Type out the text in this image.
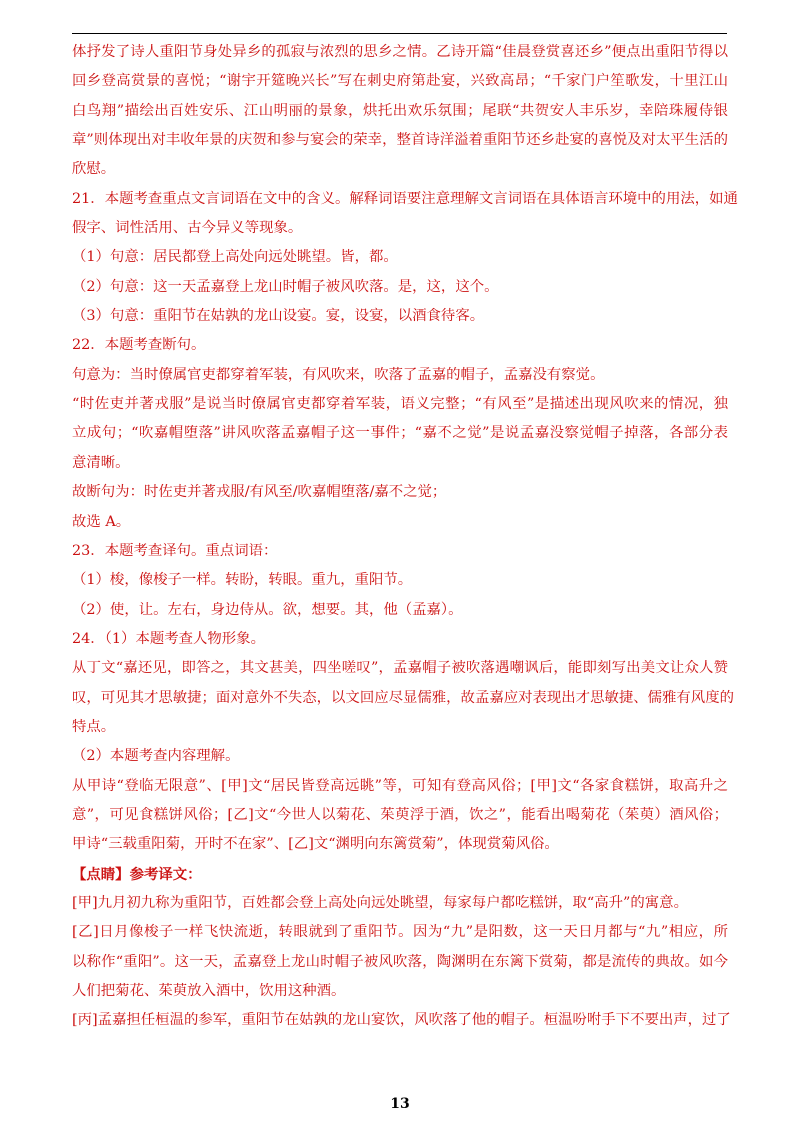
体抒发了诗人重阳节身处异乡的孤寂与浓烈的思乡之情。乙诗开篇“佳晨登赏喜还乡”便点出重阳节得以
回乡登高赏景的喜悦；“谢宇开筵晚兴长”写在刺史府第赴宴，兴致高昂；“千家门户笙歌发，十里江山
白鸟翔”描绘出百姓安乐、江山明丽的景象，烘托出欢乐氛围；尾联“共贺安人丰乐岁，幸陪珠履侍银
章”则体现出对丰收年景的庆贺和参与宴会的荣幸，整首诗洋溢着重阳节还乡赴宴的喜悦及对太平生活的
欣慰。
21．本题考查重点文言词语在文中的含义。解释词语要注意理解文言词语在具体语言环境中的用法，如通
假字、词性活用、古今异义等现象。
（1）句意：居民都登上高处向远处眺望。皆，都。
（2）句意：这一天孟嘉登上龙山时帽子被风吹落。是，这，这个。
（3）句意：重阳节在姑孰的龙山设宴。宴，设宴，以酒食待客。
22．本题考查断句。
句意为：当时僚属官吏都穿着军装，有风吹来，吹落了孟嘉的帽子，孟嘉没有察觉。
“时佐吏并著戎服”是说当时僚属官吏都穿着军装，语义完整；“有风至”是描述出现风吹来的情况，独
立成句；“吹嘉帽堕落”讲风吹落孟嘉帽子这一事件；“嘉不之觉”是说孟嘉没察觉帽子掉落，各部分表
意清晰。
故断句为：时佐吏并著戎服/有风至/吹嘉帽堕落/嘉不之觉；
故选 A。
23．本题考查译句。重点词语：
（1）梭，像梭子一样。转盼，转眼。重九，重阳节。
（2）使，让。左右，身边侍从。欲，想要。其，他（孟嘉）。
24．（1）本题考查人物形象。
从丁文“嘉还见，即答之，其文甚美，四坐嗟叹”，孟嘉帽子被吹落遇嘲讽后，能即刻写出美文让众人赞
叹，可见其才思敏捷；面对意外不失态，以文回应尽显儒雅，故孟嘉应对表现出才思敏捷、儒雅有风度的
特点。
（2）本题考查内容理解。
从甲诗“登临无限意”、[甲]文“居民皆登高远眺”等，可知有登高风俗；[甲]文“各家食糕饼，取高升之
意”，可见食糕饼风俗；[乙]文“今世人以菊花、茱萸浮于酒，饮之”，能看出喝菊花（茱萸）酒风俗；
甲诗“三载重阳菊，开时不在家”、[乙]文“渊明向东篱赏菊”，体现赏菊风俗。
【点睛】参考译文：
[甲]九月初九称为重阳节，百姓都会登上高处向远处眺望，每家每户都吃糕饼，取“高升”的寓意。
[乙]日月像梭子一样飞快流逝，转眼就到了重阳节。因为“九”是阳数，这一天日月都与“九”相应，所
以称作“重阳”。这一天，孟嘉登上龙山时帽子被风吹落，陶渊明在东篱下赏菊，都是流传的典故。如今
人们把菊花、茱萸放入酒中，饮用这种酒。
[丙]孟嘉担任桓温的参军，重阳节在姑孰的龙山宴饮，风吹落了他的帽子。桓温吩咐手下不要出声，过了
13
